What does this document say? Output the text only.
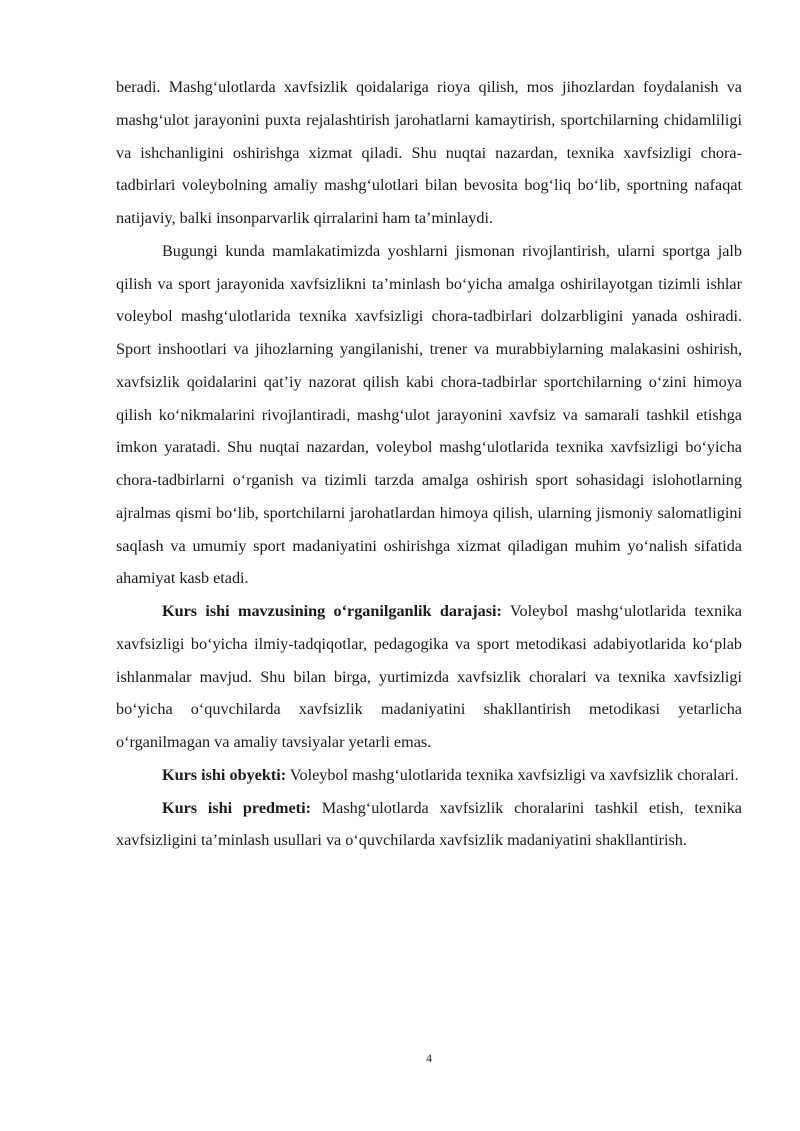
beradi. Mashg‘ulotlarda xavfsizlik qoidalariga rioya qilish, mos jihozlardan foydalanish va mashg‘ulot jarayonini puxta rejalashtirish jarohatlarni kamaytirish, sportchilarning chidamliligi va ishchanligini oshirishga xizmat qiladi. Shu nuqtai nazardan, texnika xavfsizligi chora-tadbirlari voleybolning amaliy mashg‘ulotlari bilan bevosita bog‘liq bo‘lib, sportning nafaqat natijaviy, balki insonparvarlik qirralarini ham ta’minlaydi.

Bugungi kunda mamlakatimizda yoshlarni jismonan rivojlantirish, ularni sportga jalb qilish va sport jarayonida xavfsizlikni ta’minlash bo‘yicha amalga oshirilayotgan tizimli ishlar voleybol mashg‘ulotlarida texnika xavfsizligi chora-tadbirlari dolzarbligini yanada oshiradi. Sport inshootlari va jihozlarning yangilanishi, trener va murabbiylarning malakasini oshirish, xavfsizlik qoidalarini qat’iy nazorat qilish kabi chora-tadbirlar sportchilarning o‘zini himoya qilish ko‘nikmalarini rivojlantiradi, mashg‘ulot jarayonini xavfsiz va samarali tashkil etishga imkon yaratadi. Shu nuqtai nazardan, voleybol mashg‘ulotlarida texnika xavfsizligi bo‘yicha chora-tadbirlarni o‘rganish va tizimli tarzda amalga oshirish sport sohasidagi islohotlarning ajralmas qismi bo‘lib, sportchilarni jarohatlardan himoya qilish, ularning jismoniy salomatligini saqlash va umumiy sport madaniyatini oshirishga xizmat qiladigan muhim yo‘nalish sifatida ahamiyat kasb etadi.

Kurs ishi mavzusining o‘rganilganlik darajasi: Voleybol mashg‘ulotlarida texnika xavfsizligi bo‘yicha ilmiy-tadqiqotlar, pedagogika va sport metodikasi adabiyotlarida ko‘plab ishlanmalar mavjud. Shu bilan birga, yurtimizda xavfsizlik choralari va texnika xavfsizligi bo‘yicha o‘quvchilarda xavfsizlik madaniyatini shakllantirish metodikasi yetarlicha o‘rganilmagan va amaliy tavsiyalar yetarli emas.

Kurs ishi obyekti: Voleybol mashg‘ulotlarida texnika xavfsizligi va xavfsizlik choralari.

Kurs ishi predmeti: Mashg‘ulotlarda xavfsizlik choralarini tashkil etish, texnika xavfsizligini ta’minlash usullari va o‘quvchilarda xavfsizlik madaniyatini shakllantirish.

4
